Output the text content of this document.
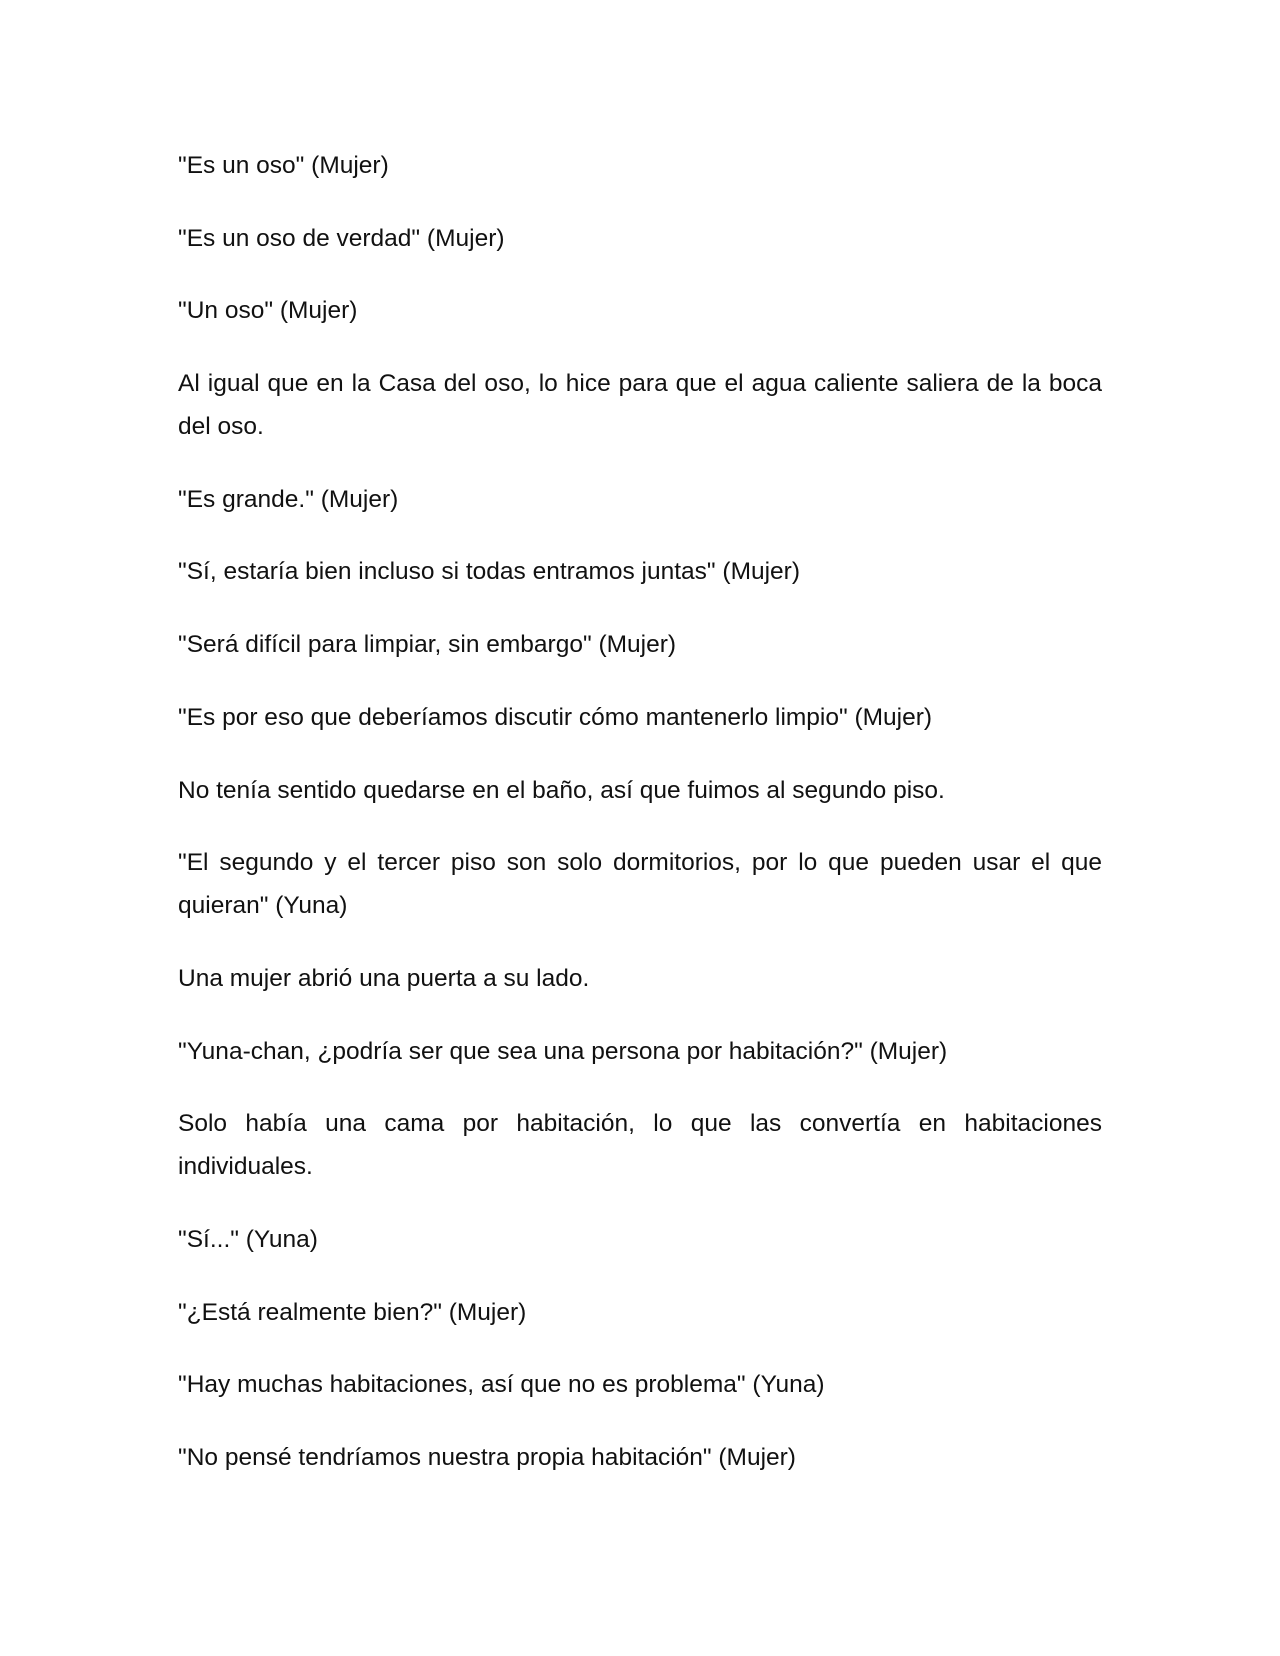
"Es un oso" (Mujer)

"Es un oso de verdad" (Mujer)

"Un oso" (Mujer)

Al igual que en la Casa del oso, lo hice para que el agua caliente saliera de la boca del oso.

"Es grande." (Mujer)

"Sí, estaría bien incluso si todas entramos juntas" (Mujer)

"Será difícil para limpiar, sin embargo" (Mujer)

"Es por eso que deberíamos discutir cómo mantenerlo limpio" (Mujer)

No tenía sentido quedarse en el baño, así que fuimos al segundo piso.

"El segundo y el tercer piso son solo dormitorios, por lo que pueden usar el que quieran" (Yuna)

Una mujer abrió una puerta a su lado.

"Yuna-chan, ¿podría ser que sea una persona por habitación?" (Mujer)

Solo había una cama por habitación, lo que las convertía en habitaciones individuales.

"Sí..." (Yuna)

"¿Está realmente bien?" (Mujer)

"Hay muchas habitaciones, así que no es problema" (Yuna)

"No pensé tendríamos nuestra propia habitación" (Mujer)
